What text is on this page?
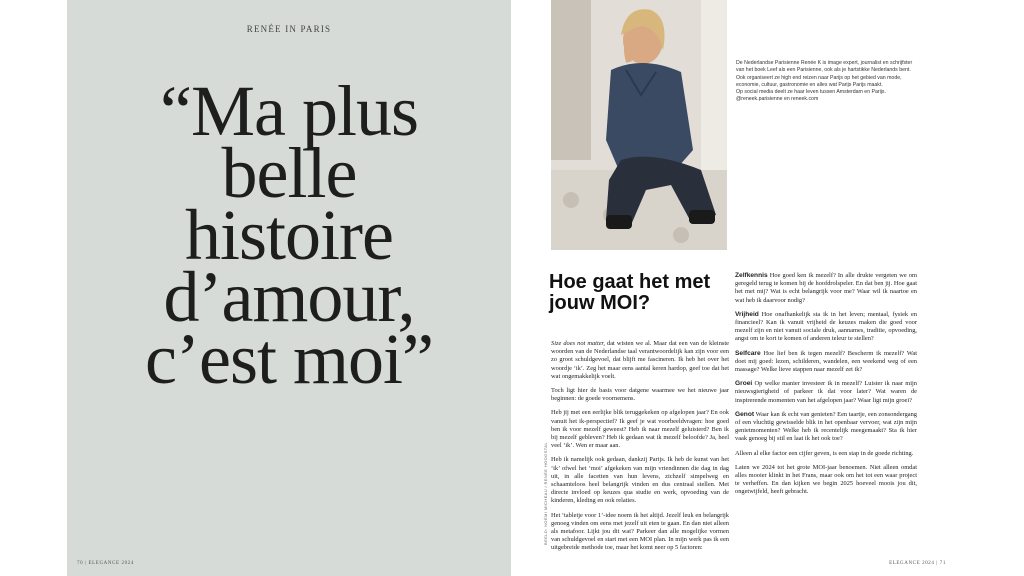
RENÉE IN PARIS
“Ma plus
belle
histoire
d’amour,
c’est moi”
70 | ELEGANCE 2024

De Nederlandse Parisienne Renée K is image expert, journalist en schrijfster

van het boek Leef als een Parisienne, ook als je hartstikke Nederlands bent.

Ook organiseert ze high end reizen naar Parijs op het gebied van mode,

economie, cultuur, gastronomie en alles wat Parijs Parijs maakt.

Op social media deelt ze haar leven tussen Amsterdam en Parijs.

@reneek.parisienne en reneek.com

Hoe gaat het met jouw MOI?
BEELD: NOÉMI MICHEAU / RENÉE HOOGSTAL

Size does not matter, dat wisten we al. Maar dat een van de kleinste woorden van de Nederlandse taal verantwoordelijk kan zijn voor een zo groot schuldgevoel, dat blijft me fascineren. Ik heb het over het woordje ‘ik’. Zeg het maar eens aantal keren hardop, geef toe dat het wat ongemakkelijk voelt.

Toch ligt hier de basis voor datgene waarmee we het nieuwe jaar beginnen: de goede voornemens.

Heb jij met een eerlijke blik teruggekeken op afgelopen jaar? En ook vanuit het ik-perspectief? Ik geef je wat voorbeeldvragen: hoe goed ben ik voor mezelf geweest? Heb ik naar mezelf geluisterd? Ben ik bij mezelf gebleven? Heb ik gedaan wat ik mezelf beloofde? Ja, heel veel ‘ik’. Wen er maar aan.

Heb ik namelijk ook gedaan, dankzij Parijs. Ik heb de kunst van het ‘ik’ ofwel het ‘moi’ afgekeken van mijn vriendinnen die dag in dag uit, in alle facetten van hun levens, zichzelf simpelweg en schaamteloos heel belangrijk vinden en dus centraal stellen. Met directe invloed op keuzes qua studie en werk, opvoeding van de kinderen, kleding en ook relaties.

Het ‘tabletje voor 1’-idee noem ik het altijd. Jezelf leuk en belangrijk genoeg vinden om eens met jezelf uit eten te gaan. En dan niet alleen als metafoor. Lijkt jou dit wat? Parkeer dan alle mogelijke vormen van schuldgevoel en start met een MOI plan. In mijn werk pas ik een uitgebreide methode toe, maar het komt neer op 5 factoren:

Zelfkennis Hoe goed ken ik mezelf? In alle drukte vergeten we om geregeld terug te komen bij de hoofdrolspeler. En dat ben jij. Hoe gaat het met mij? Wat is echt belangrijk voor me? Waar wil ik naartoe en wat heb ik daarvoor nodig?

Vrijheid Hoe onafhankelijk sta ik in het leven; mentaal, fysiek en financieel? Kan ik vanuit vrijheid de keuzes maken die goed voor mezelf zijn en niet vanuit sociale druk, aannames, traditie, opvoeding, angst om te kort te komen of anderen teleur te stellen?

Selfcare Hoe lief ben ik tegen mezelf? Bescherm ik mezelf? Wat doet mij goed: lezen, schilderen, wandelen, een weekend weg of een massage? Welke lieve stappen naar mezelf zet ik?

Groei Op welke manier investeer ik in mezelf? Luister ik naar mijn nieuwsgierigheid of parkeer ik dat voor later? Wat waren de inspirerende momenten van het afgelopen jaar? Waar ligt mijn groei?

Genot Waar kan ik echt van genieten? Een taartje, een zonsondergang of een vluchtig gewisselde blik in het openbaar vervoer, wat zijn mijn genietmomenten? Welke heb ik recentelijk meegemaakt? Sta ik hier vaak genoeg bij stil en laat ik het ook toe?

Alleen al elke factor een cijfer geven, is een stap in de goede richting.

Laten we 2024 tot het grote MOI-jaar benoemen. Niet alleen omdat alles mooier klinkt in het Frans, maar ook om het tot een waar project te verheffen. En dan kijken we begin 2025 hoeveel moois jou dit, ongetwijfeld, heeft gebracht.

ELEGANCE 2024 | 71
